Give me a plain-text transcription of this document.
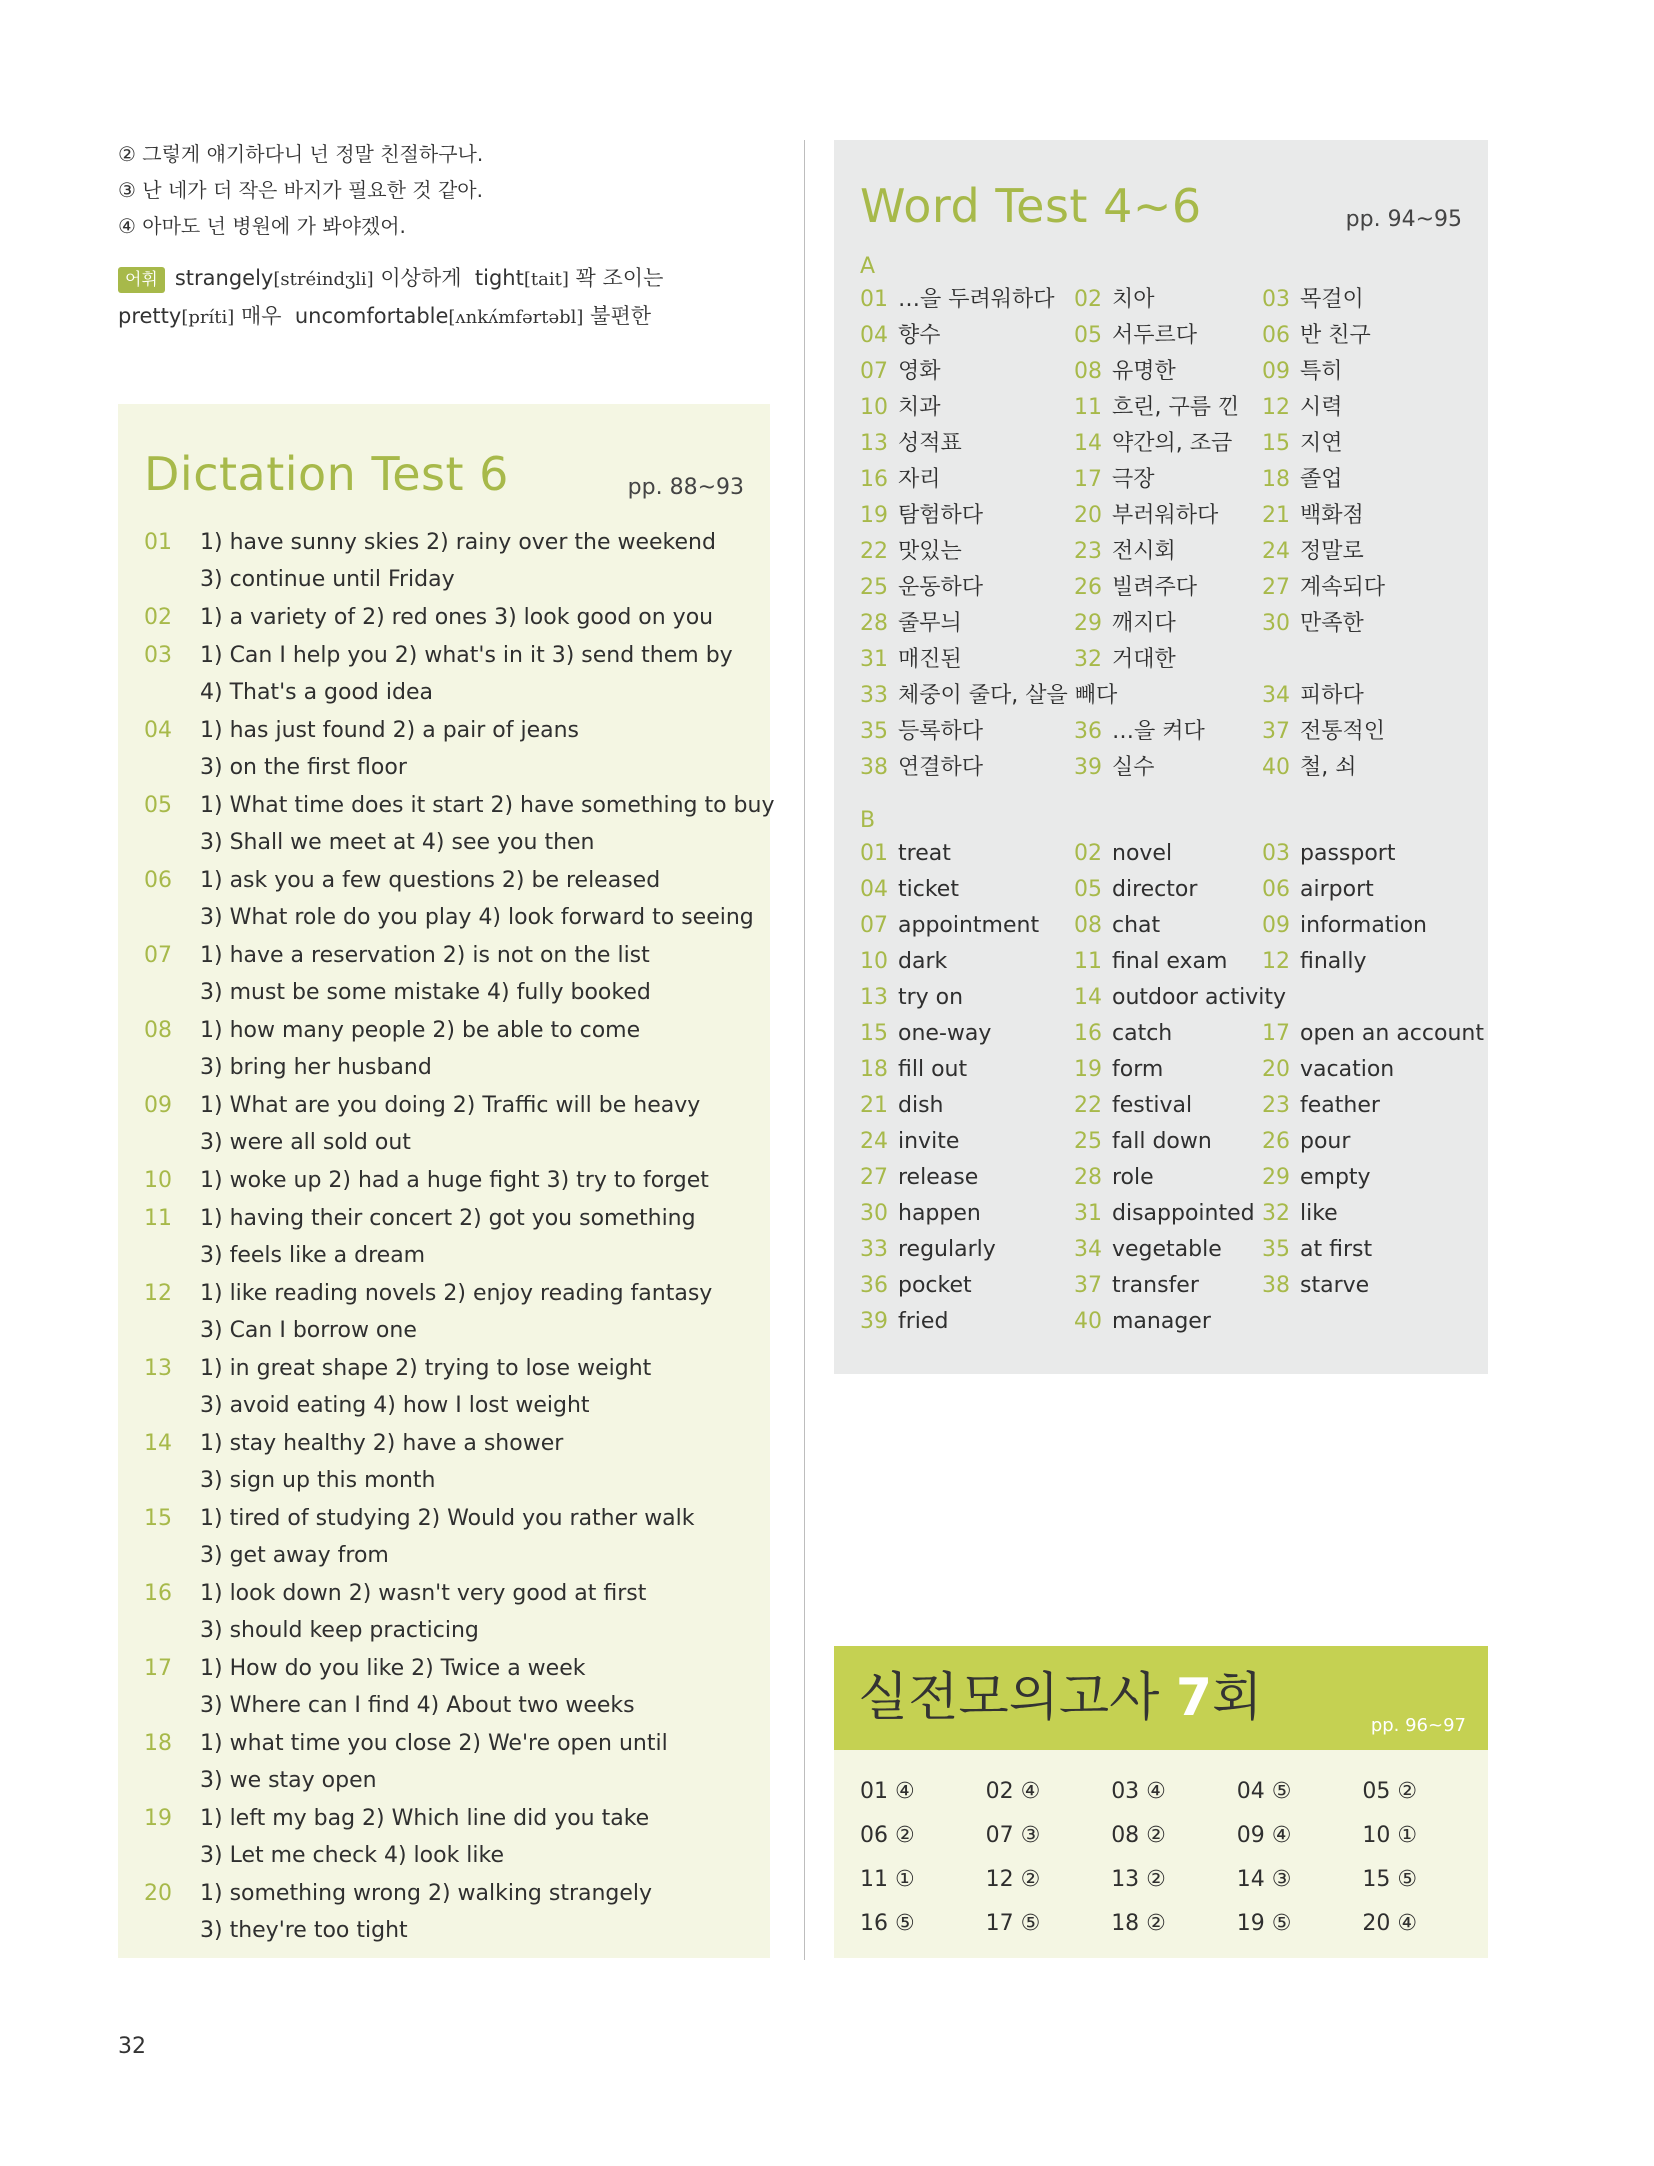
② 그렇게 얘기하다니 넌 정말 친절하구나.
③ 난 네가 더 작은 바지가 필요한 것 같아.
④ 아마도 넌 병원에 가 봐야겠어.
어휘 strangely[stréindʒli] 이상하게 tight[tait] 꽉 조이는
pretty[príti] 매우 uncomfortable[ʌnkʌ́mfərtəbl] 불편한
Dictation Test 6	pp. 88~93
01	1) have sunny skies 2) rainy over the weekend
3) continue until Friday
02	1) a variety of 2) red ones 3) look good on you
03	1) Can I help you 2) what's in it 3) send them by
4) That's a good idea
04	1) has just found 2) a pair of jeans
3) on the first floor
05	1) What time does it start 2) have something to buy
3) Shall we meet at 4) see you then
06	1) ask you a few questions 2) be released
3) What role do you play 4) look forward to seeing
07	1) have a reservation 2) is not on the list
3) must be some mistake 4) fully booked
08	1) how many people 2) be able to come
3) bring her husband
09	1) What are you doing 2) Traffic will be heavy
3) were all sold out
10	1) woke up 2) had a huge fight 3) try to forget
11	1) having their concert 2) got you something
3) feels like a dream
12	1) like reading novels 2) enjoy reading fantasy
3) Can I borrow one
13	1) in great shape 2) trying to lose weight
3) avoid eating 4) how I lost weight
14	1) stay healthy 2) have a shower
3) sign up this month
15	1) tired of studying 2) Would you rather walk
3) get away from
16	1) look down 2) wasn't very good at first
3) should keep practicing
17	1) How do you like 2) Twice a week
3) Where can I find 4) About two weeks
18	1) what time you close 2) We're open until
3) we stay open
19	1) left my bag 2) Which line did you take
3) Let me check 4) look like
20	1) something wrong 2) walking strangely
3) they're too tight
Word Test 4~6	pp. 94~95
A
01 …을 두려워하다 02 치아	03 목걸이
04 향수	05 서두르다	06 반 친구
07 영화	08 유명한	09 특히
10 치과	11 흐린, 구름 낀	12 시력
13 성적표	14 약간의, 조금	15 지연
16 자리	17 극장	18 졸업
19 탐험하다	20 부러워하다	21 백화점
22 맛있는	23 전시회	24 정말로
25 운동하다	26 빌려주다	27 계속되다
28 줄무늬	29 깨지다	30 만족한
31 매진된	32 거대한
33 체중이 줄다, 살을 빼다	34 피하다
35 등록하다	36 …을 켜다	37 전통적인
38 연결하다	39 실수	40 철, 쇠
B
01 treat	02 novel	03 passport
04 ticket	05 director	06 airport
07 appointment	08 chat	09 information
10 dark	11 final exam	12 finally
13 try on	14 outdoor activity
15 one-way	16 catch	17 open an account
18 fill out	19 form	20 vacation
21 dish	22 festival	23 feather
24 invite	25 fall down	26 pour
27 release	28 role	29 empty
30 happen	31 disappointed 32 like
33 regularly	34 vegetable	35 at first
36 pocket	37 transfer	38 starve
39 fried	40 manager
실전모의고사 7회	pp. 96~97
01 ④	02 ④	03 ④	04 ⑤	05 ②
06 ②	07 ③	08 ②	09 ④	10 ①
11 ①	12 ②	13 ②	14 ③	15 ⑤
16 ⑤	17 ⑤	18 ②	19 ⑤	20 ④
32
